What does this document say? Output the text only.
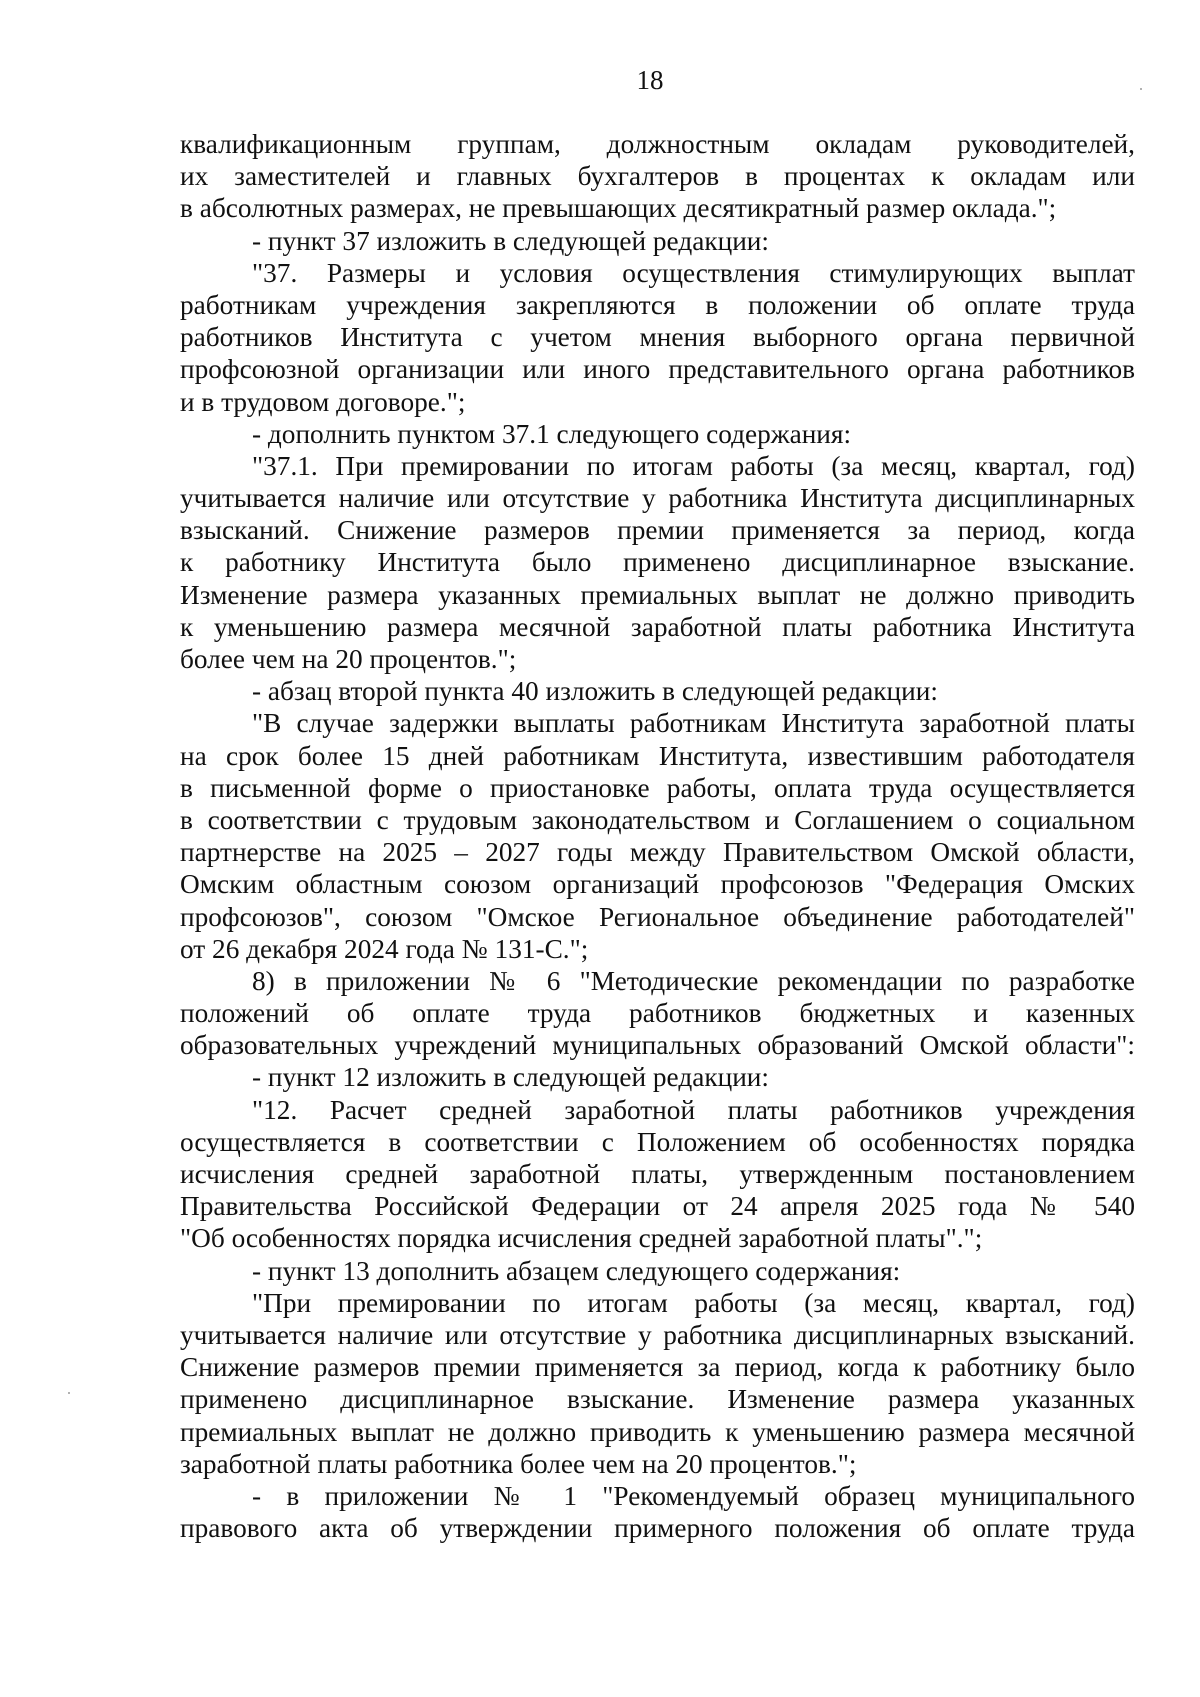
18
квалификационным группам, должностным окладам руководителей,
их заместителей и главных бухгалтеров в процентах к окладам или
в абсолютных размерах, не превышающих десятикратный размер оклада.";
- пункт 37 изложить в следующей редакции:
"37. Размеры и условия осуществления стимулирующих выплат
работникам учреждения закрепляются в положении об оплате труда
работников Института с учетом мнения выборного органа первичной
профсоюзной организации или иного представительного органа работников
и в трудовом договоре.";
- дополнить пунктом 37.1 следующего содержания:
"37.1. При премировании по итогам работы (за месяц, квартал, год)
учитывается наличие или отсутствие у работника Института дисциплинарных
взысканий. Снижение размеров премии применяется за период, когда
к работнику Института было применено дисциплинарное взыскание.
Изменение размера указанных премиальных выплат не должно приводить
к уменьшению размера месячной заработной платы работника Института
более чем на 20 процентов.";
- абзац второй пункта 40 изложить в следующей редакции:
"В случае задержки выплаты работникам Института заработной платы
на срок более 15 дней работникам Института, известившим работодателя
в письменной форме о приостановке работы, оплата труда осуществляется
в соответствии с трудовым законодательством и Соглашением о социальном
партнерстве на 2025 – 2027 годы между Правительством Омской области,
Омским областным союзом организаций профсоюзов "Федерация Омских
профсоюзов", союзом "Омское Региональное объединение работодателей"
от 26 декабря 2024 года № 131-С.";
8) в приложении № 6 "Методические рекомендации по разработке
положений об оплате труда работников бюджетных и казенных
образовательных учреждений муниципальных образований Омской области":
- пункт 12 изложить в следующей редакции:
"12. Расчет средней заработной платы работников учреждения
осуществляется в соответствии с Положением об особенностях порядка
исчисления средней заработной платы, утвержденным постановлением
Правительства Российской Федерации от 24 апреля 2025 года № 540
"Об особенностях порядка исчисления средней заработной платы".";
- пункт 13 дополнить абзацем следующего содержания:
"При премировании по итогам работы (за месяц, квартал, год)
учитывается наличие или отсутствие у работника дисциплинарных взысканий.
Снижение размеров премии применяется за период, когда к работнику было
применено дисциплинарное взыскание. Изменение размера указанных
премиальных выплат не должно приводить к уменьшению размера месячной
заработной платы работника более чем на 20 процентов.";
- в приложении № 1 "Рекомендуемый образец муниципального
правового акта об утверждении примерного положения об оплате труда
